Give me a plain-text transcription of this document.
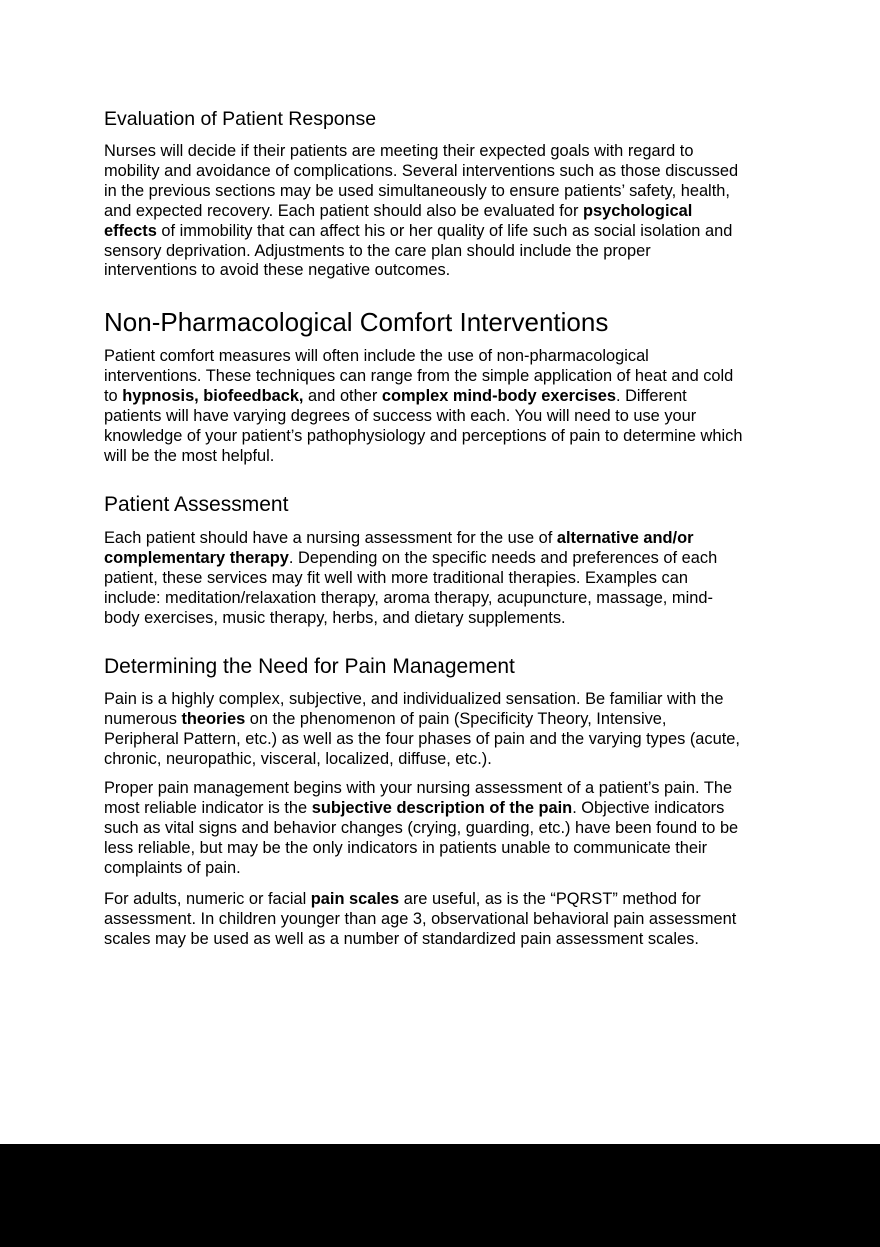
Evaluation of Patient Response

Nurses will decide if their patients are meeting their expected goals with regard to
mobility and avoidance of complications. Several interventions such as those discussed
in the previous sections may be used simultaneously to ensure patients’ safety, health,
and expected recovery. Each patient should also be evaluated for psychological
effects of immobility that can affect his or her quality of life such as social isolation and
sensory deprivation. Adjustments to the care plan should include the proper
interventions to avoid these negative outcomes.

Non-Pharmacological Comfort Interventions

Patient comfort measures will often include the use of non-pharmacological
interventions. These techniques can range from the simple application of heat and cold
to hypnosis, biofeedback, and other complex mind-body exercises. Different
patients will have varying degrees of success with each. You will need to use your
knowledge of your patient’s pathophysiology and perceptions of pain to determine which
will be the most helpful.

Patient Assessment

Each patient should have a nursing assessment for the use of alternative and/or
complementary therapy. Depending on the specific needs and preferences of each
patient, these services may fit well with more traditional therapies. Examples can
include: meditation/relaxation therapy, aroma therapy, acupuncture, massage, mind-
body exercises, music therapy, herbs, and dietary supplements.

Determining the Need for Pain Management

Pain is a highly complex, subjective, and individualized sensation. Be familiar with the
numerous theories on the phenomenon of pain (Specificity Theory, Intensive,
Peripheral Pattern, etc.) as well as the four phases of pain and the varying types (acute,
chronic, neuropathic, visceral, localized, diffuse, etc.).

Proper pain management begins with your nursing assessment of a patient’s pain. The
most reliable indicator is the subjective description of the pain. Objective indicators
such as vital signs and behavior changes (crying, guarding, etc.) have been found to be
less reliable, but may be the only indicators in patients unable to communicate their
complaints of pain.

For adults, numeric or facial pain scales are useful, as is the “PQRST” method for
assessment. In children younger than age 3, observational behavioral pain assessment
scales may be used as well as a number of standardized pain assessment scales.
